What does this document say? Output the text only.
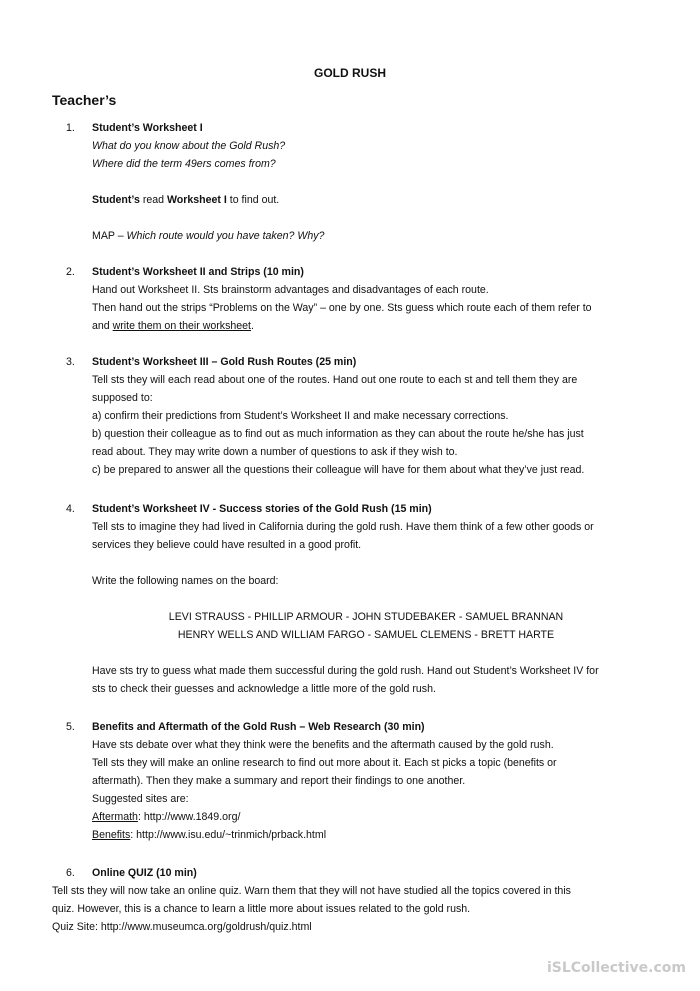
GOLD RUSH
Teacher’s
1.	Student’s Worksheet I
What do you know about the Gold Rush?
Where did the term 49ers comes from?
Student’s read Worksheet I to find out.
MAP – Which route would you have taken? Why?
2.	Student’s Worksheet II and Strips (10 min)
Hand out Worksheet II. Sts brainstorm advantages and disadvantages of each route.
Then hand out the strips “Problems on the Way” – one by one. Sts guess which route each of them refer to
and write them on their worksheet.
3.	Student’s Worksheet III – Gold Rush Routes (25 min)
Tell sts they will each read about one of the routes. Hand out one route to each st and tell them they are
supposed to:
a) confirm their predictions from Student’s Worksheet II and make necessary corrections.
b) question their colleague as to find out as much information as they can about the route he/she has just
read about. They may write down a number of questions to ask if they wish to.
c) be prepared to answer all the questions their colleague will have for them about what they’ve just read.
4.	Student’s Worksheet IV - Success stories of the Gold Rush (15 min)
Tell sts to imagine they had lived in California during the gold rush. Have them think of a few other goods or
services they believe could have resulted in a good profit.
Write the following names on the board:
LEVI STRAUSS - PHILLIP ARMOUR - JOHN STUDEBAKER - SAMUEL BRANNAN
HENRY WELLS AND WILLIAM FARGO - SAMUEL CLEMENS - BRETT HARTE
Have sts try to guess what made them successful during the gold rush. Hand out Student’s Worksheet IV for
sts to check their guesses and acknowledge a little more of the gold rush.
5.	Benefits and Aftermath of the Gold Rush – Web Research (30 min)
Have sts debate over what they think were the benefits and the aftermath caused by the gold rush.
Tell sts they will make an online research to find out more about it. Each st picks a topic (benefits or
aftermath). Then they make a summary and report their findings to one another.
Suggested sites are:
Aftermath: http://www.1849.org/
Benefits: http://www.isu.edu/~trinmich/prback.html
6.	Online QUIZ (10 min)
Tell sts they will now take an online quiz. Warn them that they will not have studied all the topics covered in this
quiz. However, this is a chance to learn a little more about issues related to the gold rush.
Quiz Site: http://www.museumca.org/goldrush/quiz.html
iSLCollective.com
